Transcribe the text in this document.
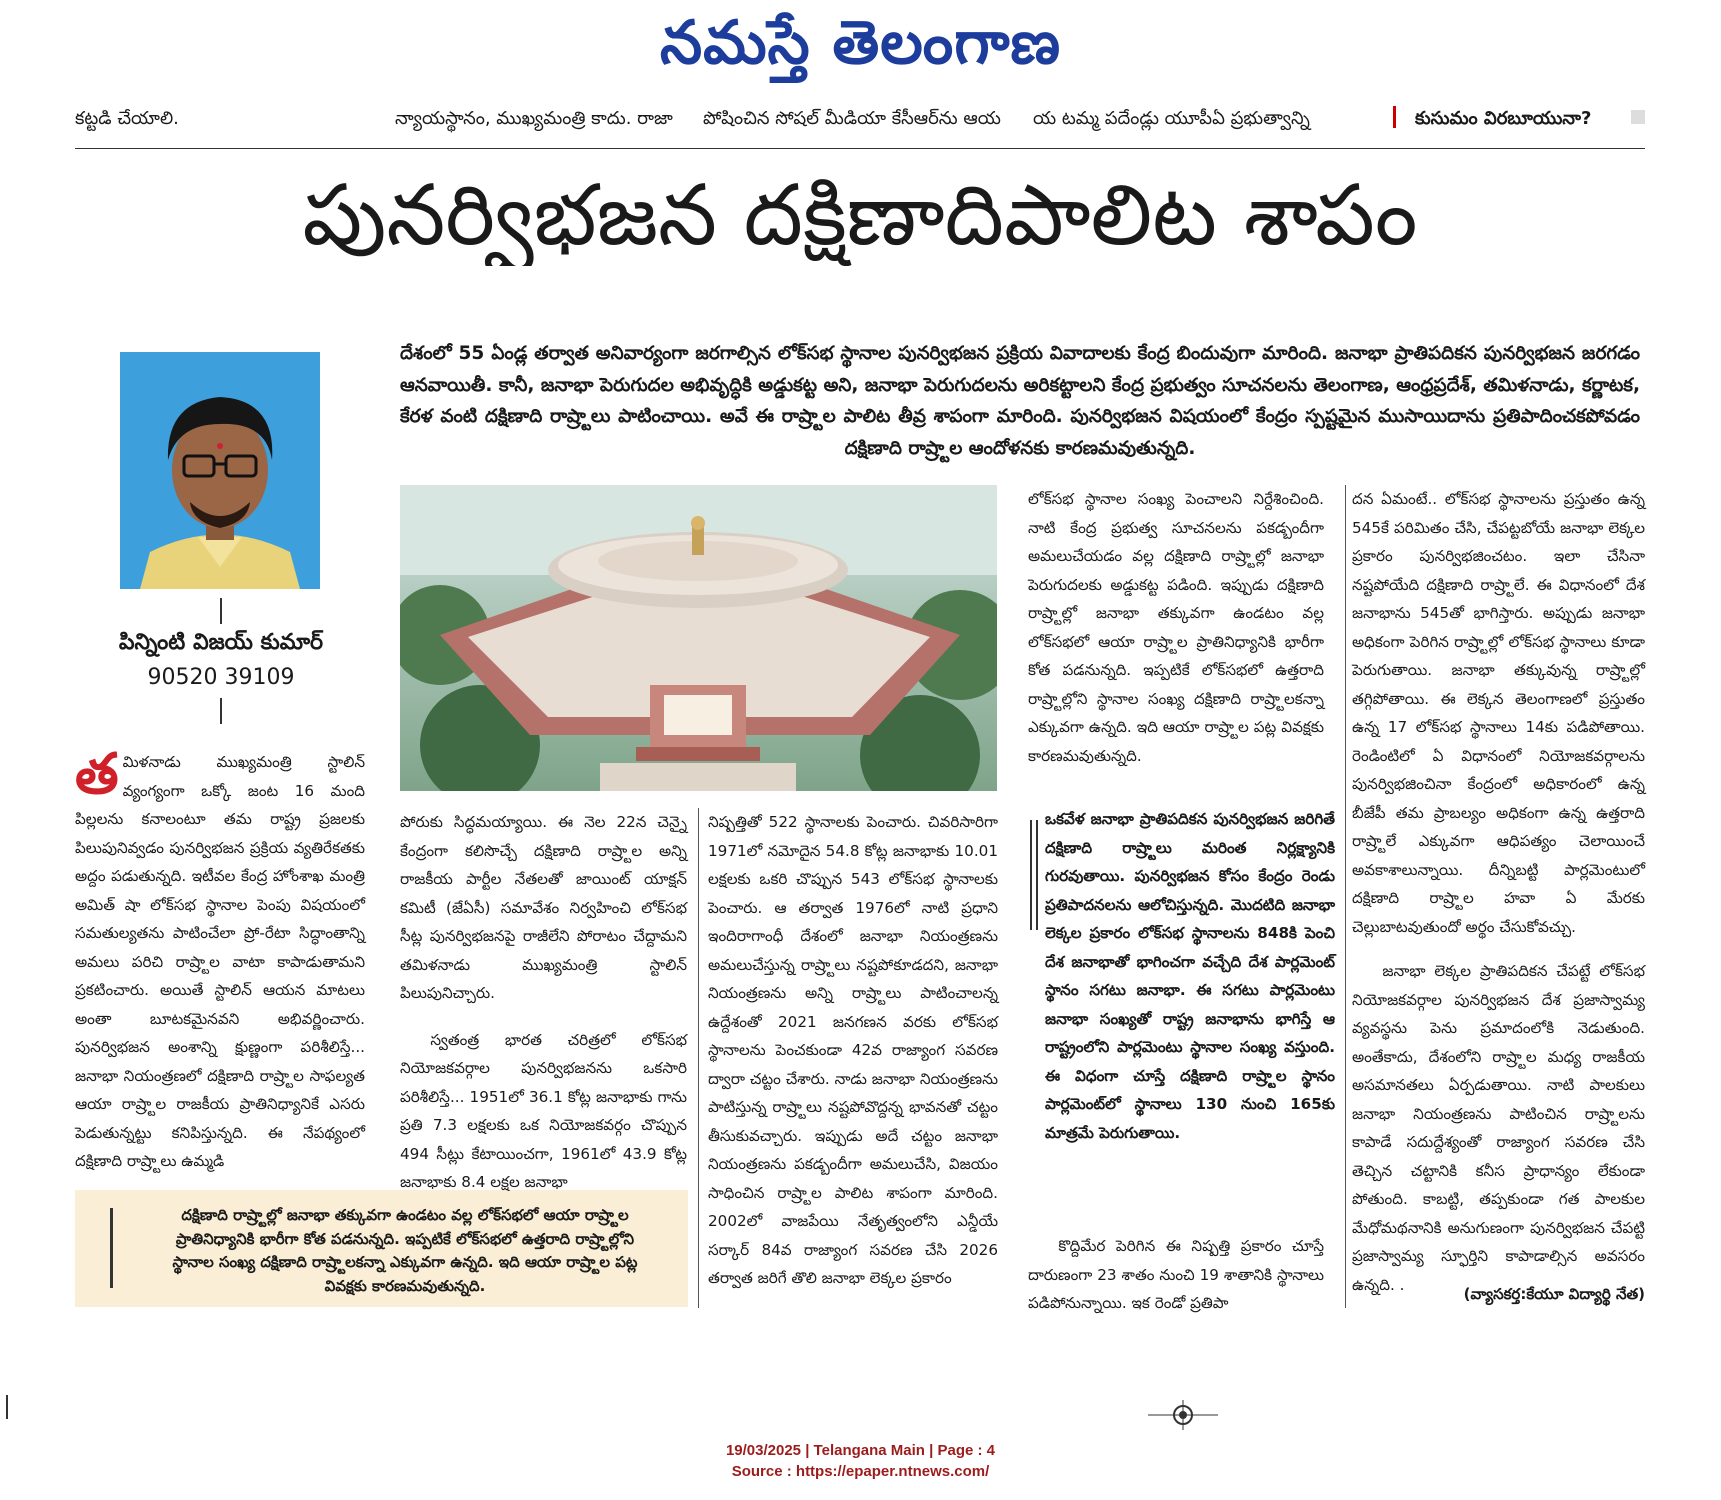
నమస్తే తెలంగాణ
కట్టడి చేయాలి.	న్యాయస్థానం, ముఖ్యమంత్రి కాదు. రాజా	పోషించిన సోషల్ మీడియా కేసీఆర్‌ను ఆయ	య టమ్మ పదేండ్లు యూపీఏ ప్రభుత్వాన్ని	కుసుమం విరబూయునా?
పునర్విభజన దక్షిణాదిపాలిట శాపం
పిన్నింటి విజయ్ కుమార్
90520 39109
దేశంలో 55 ఏండ్ల తర్వాత అనివార్యంగా జరగాల్సిన లోక్‌సభ స్థానాల పునర్విభజన ప్రక్రియ వివాదాలకు కేంద్ర బిందువుగా మారింది. జనాభా ప్రాతిపదికన పునర్విభజన జరగడం ఆనవాయితీ. కానీ, జనాభా పెరుగుదల అభివృద్ధికి అడ్డుకట్ట అని, జనాభా పెరుగుదలను అరికట్టాలని కేంద్ర ప్రభుత్వం సూచనలను తెలంగాణ, ఆంధ్రప్రదేశ్, తమిళనాడు, కర్ణాటక, కేరళ వంటి దక్షిణాది రాష్ర్టాలు పాటించాయి. అవే ఈ రాష్ర్టాల పాలిట తీవ్ర శాపంగా మారింది. పునర్విభజన విషయంలో కేంద్రం స్పష్టమైన ముసాయిదాను ప్రతిపాదించకపోవడం దక్షిణాది రాష్ర్టాల ఆందోళనకు కారణమవుతున్నది.
తమిళనాడు ముఖ్యమంత్రి స్టాలిన్ వ్యంగ్యంగా ఒక్కో జంట 16 మంది పిల్లలను కనాలంటూ తమ రాష్ట్ర ప్రజలకు పిలుపునివ్వడం పునర్విభజన ప్రక్రియ వ్యతిరేకతకు అద్దం పడుతున్నది. ఇటీవల కేంద్ర హోంశాఖ మంత్రి అమిత్ షా లోక్‌సభ స్థానాల పెంపు విషయంలో సమతుల్యతను పాటించేలా ప్రో-రేటా సిద్ధాంతాన్ని అమలు పరిచి రాష్ర్టాల వాటా కాపాడుతామని ప్రకటించారు. అయితే స్టాలిన్ ఆయన మాటలు అంతా బూటకమైనవని అభివర్ణించారు. పునర్విభజన అంశాన్ని క్షుణ్ణంగా పరిశీలిస్తే... జనాభా నియంత్రణలో దక్షిణాది రాష్ర్టాల సాఫల్యత ఆయా రాష్ర్టాల రాజకీయ ప్రాతినిధ్యానికే ఎసరు పెడుతున్నట్టు కనిపిస్తున్నది. ఈ నేపథ్యంలో దక్షిణాది రాష్ర్టాలు ఉమ్మడి
దక్షిణాది రాష్ర్టాల్లో జనాభా తక్కువగా ఉండటం వల్ల లోక్‌సభలో ఆయా రాష్ర్టాల ప్రాతినిధ్యానికి భారీగా కోత పడనున్నది. ఇప్పటికే లోక్‌సభలో ఉత్తరాది రాష్ర్టాల్లోని స్థానాల సంఖ్య దక్షిణాది రాష్ర్టాలకన్నా ఎక్కువగా ఉన్నది. ఇది ఆయా రాష్ర్టాల పట్ల వివక్షకు కారణమవుతున్నది.
పోరుకు సిద్ధమయ్యాయి. ఈ నెల 22న చెన్నై కేంద్రంగా కలిసొచ్చే దక్షిణాది రాష్ర్టాల అన్ని రాజకీయ పార్టీల నేతలతో జాయింట్ యాక్షన్ కమిటీ (జేఏసీ) సమావేశం నిర్వహించి లోక్‌సభ సీట్ల పునర్విభజనపై రాజీలేని పోరాటం చేద్దామని తమిళనాడు ముఖ్యమంత్రి స్టాలిన్ పిలుపునిచ్చారు.
స్వతంత్ర భారత చరిత్రలో లోక్‌సభ నియోజకవర్గాల పునర్విభజనను ఒకసారి పరిశీలిస్తే... 1951లో 36.1 కోట్ల జనాభాకు గాను ప్రతి 7.3 లక్షలకు ఒక నియోజకవర్గం చొప్పున 494 సీట్లు కేటాయించగా, 1961లో 43.9 కోట్ల జనాభాకు 8.4 లక్షల జనాభా
నిష్పత్తితో 522 స్థానాలకు పెంచారు. చివరిసారిగా 1971లో నమోదైన 54.8 కోట్ల జనాభాకు 10.01 లక్షలకు ఒకరి చొప్పున 543 లోక్‌సభ స్థానాలకు పెంచారు. ఆ తర్వాత 1976లో నాటి ప్రధాని ఇందిరాగాంధీ దేశంలో జనాభా నియంత్రణను అమలుచేస్తున్న రాష్ర్టాలు నష్టపోకూడదని, జనాభా నియంత్రణను అన్ని రాష్ర్టాలు పాటించాలన్న ఉద్దేశంతో 2021 జనగణన వరకు లోక్‌సభ స్థానాలను పెంచకుండా 42వ రాజ్యాంగ సవరణ ద్వారా చట్టం చేశారు. నాడు జనాభా నియంత్రణను పాటిస్తున్న రాష్ర్టాలు నష్టపోవొద్దన్న భావనతో చట్టం తీసుకువచ్చారు. ఇప్పుడు అదే చట్టం జనాభా నియంత్రణను పకడ్బందీగా అమలుచేసి, విజయం సాధించిన రాష్ర్టాల పాలిట శాపంగా మారింది. 2002లో వాజపేయి నేతృత్వంలోని ఎన్డీయే సర్కార్ 84వ రాజ్యాంగ సవరణ చేసి 2026 తర్వాత జరిగే తొలి జనాభా లెక్కల ప్రకారం
లోక్‌సభ స్థానాల సంఖ్య పెంచాలని నిర్దేశించింది. నాటి కేంద్ర ప్రభుత్వ సూచనలను పకడ్బందీగా అమలుచేయడం వల్ల దక్షిణాది రాష్ర్టాల్లో జనాభా పెరుగుదలకు అడ్డుకట్ట పడింది. ఇప్పుడు దక్షిణాది రాష్ర్టాల్లో జనాభా తక్కువగా ఉండటం వల్ల లోక్‌సభలో ఆయా రాష్ర్టాల ప్రాతినిధ్యానికి భారీగా కోత పడనున్నది. ఇప్పటికే లోక్‌సభలో ఉత్తరాది రాష్ర్టాల్లోని స్థానాల సంఖ్య దక్షిణాది రాష్ర్టాలకన్నా ఎక్కువగా ఉన్నది. ఇది ఆయా రాష్ర్టాల పట్ల వివక్షకు కారణమవుతున్నది.
ఒకవేళ జనాభా ప్రాతిపదికన పునర్విభజన జరిగితే దక్షిణాది రాష్ర్టాలు మరింత నిర్లక్ష్యానికి గురవుతాయి. పునర్విభజన కోసం కేంద్రం రెండు ప్రతిపాదనలను ఆలోచిస్తున్నది. మొదటిది జనాభా లెక్కల ప్రకారం లోక్‌సభ స్థానాలను 848కి పెంచి దేశ జనాభాతో భాగించగా వచ్చేది దేశ పార్లమెంట్ స్థానం సగటు జనాభా. ఈ సగటు పార్లమెంటు జనాభా సంఖ్యతో రాష్ట్ర జనాభాను భాగిస్తే ఆ రాష్ట్రంలోని పార్లమెంటు స్థానాల సంఖ్య వస్తుంది. ఈ విధంగా చూస్తే దక్షిణాది రాష్ర్టాల స్థానం పార్లమెంట్‌లో స్థానాలు 130 నుంచి 165కు మాత్రమే పెరుగుతాయి.
కొద్దిమేర పెరిగిన ఈ నిష్పత్తి ప్రకారం చూస్తే దారుణంగా 23 శాతం నుంచి 19 శాతానికి స్థానాలు పడిపోనున్నాయి. ఇక రెండో ప్రతిపా
దన ఏమంటే.. లోక్‌సభ స్థానాలను ప్రస్తుతం ఉన్న 545కే పరిమితం చేసి, చేపట్టబోయే జనాభా లెక్కల ప్రకారం పునర్విభజించటం. ఇలా చేసినా నష్టపోయేది దక్షిణాది రాష్ర్టాలే. ఈ విధానంలో దేశ జనాభాను 545తో భాగిస్తారు. అప్పుడు జనాభా అధికంగా పెరిగిన రాష్ర్టాల్లో లోక్‌సభ స్థానాలు కూడా పెరుగుతాయి. జనాభా తక్కువున్న రాష్ర్టాల్లో తగ్గిపోతాయి. ఈ లెక్కన తెలంగాణలో ప్రస్తుతం ఉన్న 17 లోక్‌సభ స్థానాలు 14కు పడిపోతాయి. రెండింటిలో ఏ విధానంలో నియోజకవర్గాలను పునర్విభజించినా కేంద్రంలో అధికారంలో ఉన్న బీజేపీ తమ ప్రాబల్యం అధికంగా ఉన్న ఉత్తరాది రాష్ర్టాలే ఎక్కువగా ఆధిపత్యం చెలాయించే అవకాశాలున్నాయి. దీన్నిబట్టి పార్లమెంటులో దక్షిణాది రాష్ర్టాల హవా ఏ మేరకు చెల్లుబాటవుతుందో అర్థం చేసుకోవచ్చు.
జనాభా లెక్కల ప్రాతిపదికన చేపట్టే లోక్‌సభ నియోజకవర్గాల పునర్విభజన దేశ ప్రజాస్వామ్య వ్యవస్థను పెను ప్రమాదంలోకి నెడుతుంది. అంతేకాదు, దేశంలోని రాష్ర్టాల మధ్య రాజకీయ అసమానతలు ఏర్పడుతాయి. నాటి పాలకులు జనాభా నియంత్రణను పాటించిన రాష్ర్టాలను కాపాడే సదుద్దేశ్యంతో రాజ్యాంగ సవరణ చేసి తెచ్చిన చట్టానికి కనీస ప్రాధాన్యం లేకుండా పోతుంది. కాబట్టి, తప్పకుండా గత పాలకుల మేధోమథనానికి అనుగుణంగా పునర్విభజన చేపట్టి ప్రజాస్వామ్య స్ఫూర్తిని కాపాడాల్సిన అవసరం ఉన్నది. .
(వ్యాసకర్త:కేయూ విద్యార్థి నేత)
19/03/2025 | Telangana Main | Page : 4
Source : https://epaper.ntnews.com/
